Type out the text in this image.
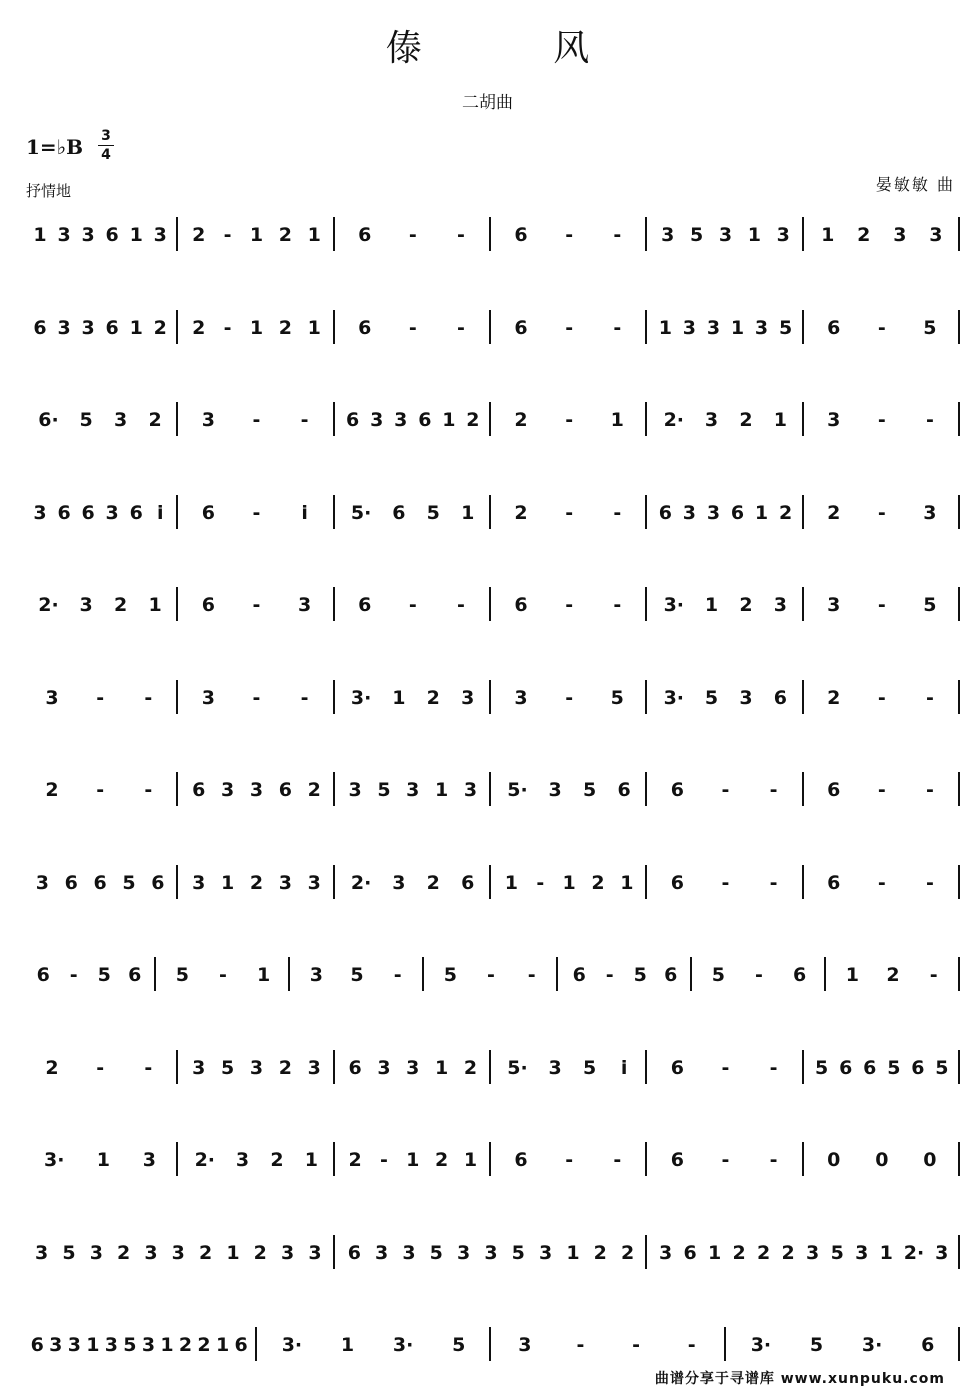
傣 风
二胡曲
1=♭B 3
4
抒情地	晏敏敏 曲
1 3 3 6 1 3 2 - 1 2 1 6 - -	6 - - 3 5 3 1 3 1 2 3 3
6 3 3 6 1 2 2 - 1 2 1 6 - -	6 - - 1 3 3 1 3 5 6 - 5
6· 5 3 2 3 - - 6 3 3 6 1 2 2 - 1 2· 3 2 1 3 - -
3 6 6 3 6 i 6 - i 5· 6 5 1 2 - - 6 3 3 6 1 2 2 - 3
2· 3 2 1 6 - 3 6 - -	6 - - 3· 1 2 3 3 - 5
3 - -	3 - - 3· 1 2 3 3 - 5 3· 5 3 6 2 - -
2 - - 6 3 3 6 2 3 5 3 1 3 5· 3 5 6 6 - -	6 - -
3 6 6 5 6 3 1 2 3 3 2· 3 2 6 1 - 1 2 1 6 - -	6 - -
6 - 5 6 5 - 1 3 5 - 5 - - 6 - 5 6 5 - 6 1 2 -
2 - - 3 5 3 2 3 6 3 3 1 2 5· 3 5 i 6 - - 5 6 6 5 6 5
3· 1 3 2· 3 2 1 2 - 1 2 1 6 - -	6 - -	0 0 0
3 5 3 2 3 3 2 1 2 3 3 6 3 3 5 3 3 5 3 1 2 2 3 6 1 2 2 2 3 5 3 1 2· 3
6 3 3 1 3 5 3 1 2 2 1 6 3· 1 3· 5	3 -	-	-	3· 5 3· 6
曲谱分享于寻谱库 www.xunpuku.com
